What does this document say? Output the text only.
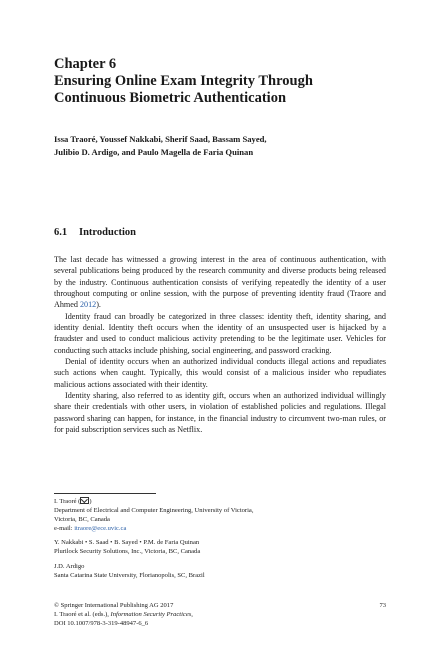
Chapter 6
Ensuring Online Exam Integrity Through
Continuous Biometric Authentication
Issa Traoré, Youssef Nakkabi, Sherif Saad, Bassam Sayed,
Julibio D. Ardigo, and Paulo Magella de Faria Quinan
6.1	Introduction

The last decade has witnessed a growing interest in the area of continuous authentication, with several publications being produced by the research community and diverse products being released by the industry. Continuous authentication consists of verifying repeatedly the identity of a user throughout computing or online session, with the purpose of preventing identity fraud (Traore and Ahmed 2012).

Identity fraud can broadly be categorized in three classes: identity theft, identity sharing, and identity denial. Identity theft occurs when the identity of an unsuspected user is hijacked by a fraudster and used to conduct malicious activity pretending to be the legitimate user. Vehicles for conducting such attacks include phishing, social engineering, and password cracking.

Denial of identity occurs when an authorized individual conducts illegal actions and repudiates such actions when caught. Typically, this would consist of a malicious insider who repudiates malicious actions associated with their identity.

Identity sharing, also referred to as identity gift, occurs when an authorized individual willingly share their credentials with other users, in violation of established policies and regulations. Illegal password sharing can happen, for instance, in the financial industry to circumvent two-man rules, or for paid subscription services such as Netflix.

I. Traoré ( )
Department of Electrical and Computer Engineering, University of Victoria,
Victoria, BC, Canada
e-mail: itraore@ece.uvic.ca
Y. Nakkabi • S. Saad • B. Sayed • P.M. de Faria Quinan
Plurilock Security Solutions, Inc., Victoria, BC, Canada
J.D. Ardigo
Santa Catarina State University, Florianopolis, SC, Brazil
© Springer International Publishing AG 2017	73
I. Traoré et al. (eds.), Information Security Practices,
DOI 10.1007/978-3-319-48947-6_6
